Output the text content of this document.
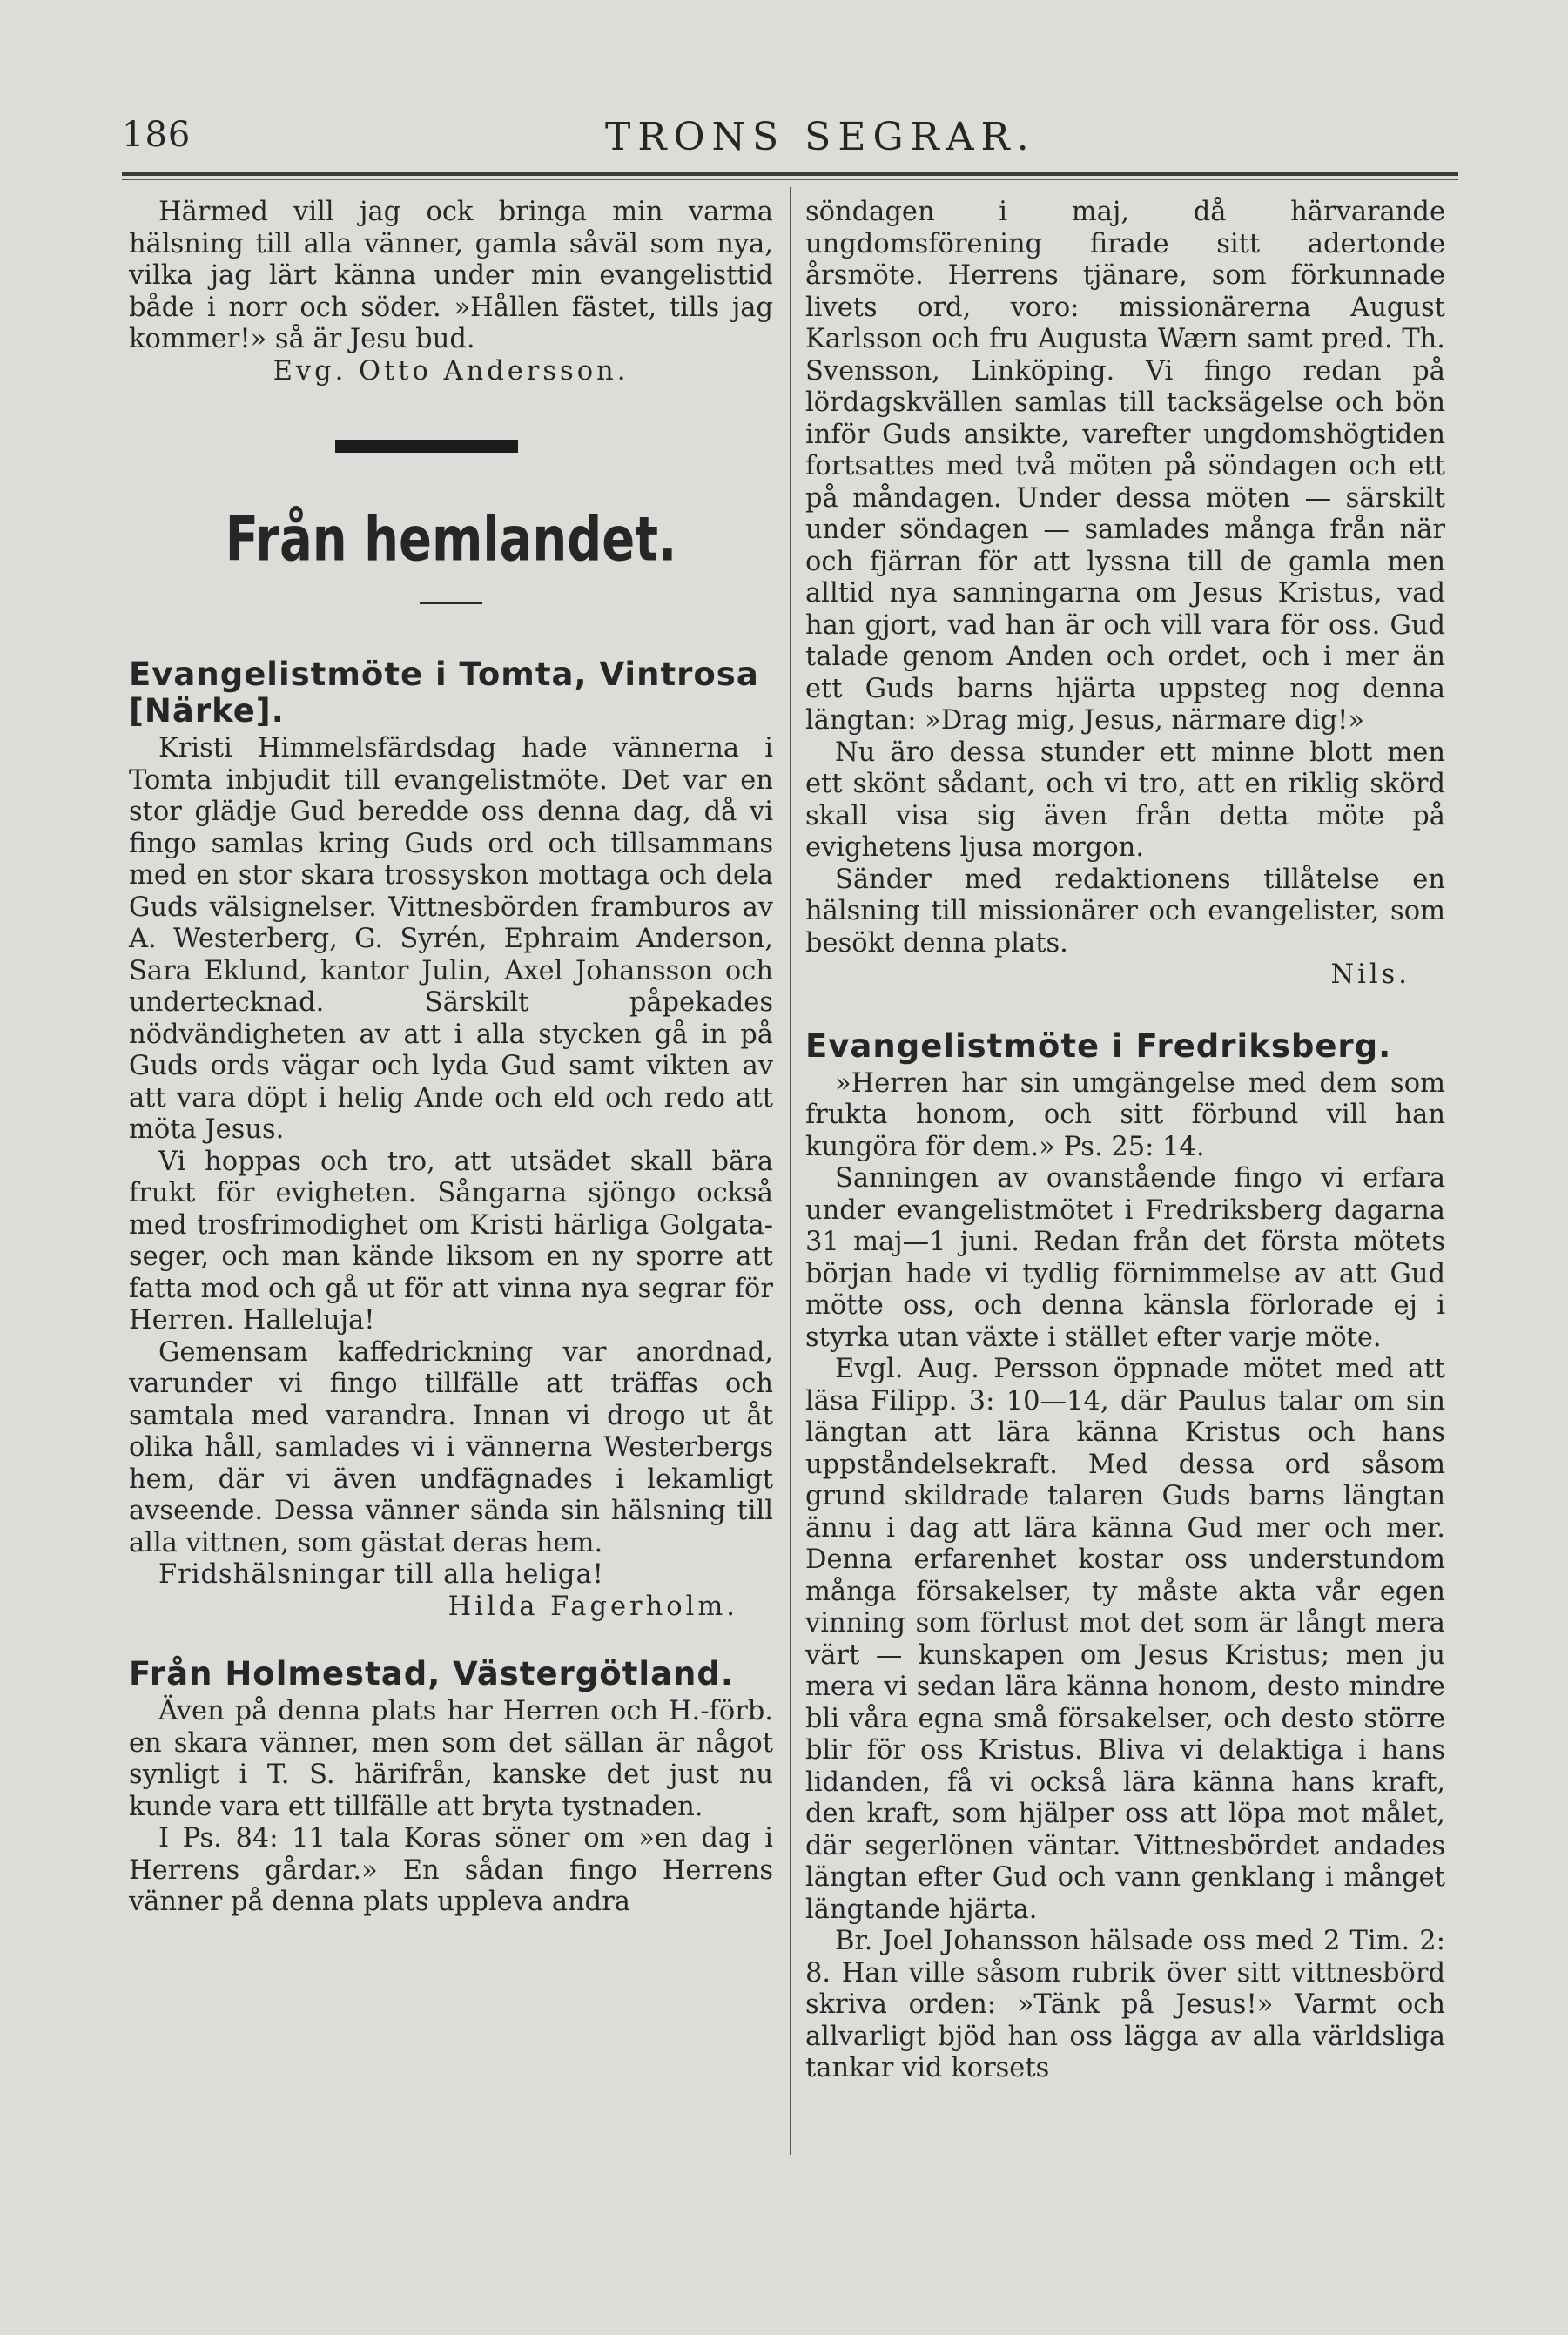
186	TRONS SEGRAR.

Härmed vill jag ock bringa min varma hälsning till alla vänner, gamla såväl som nya, vilka jag lärt känna under min evangelisttid både i norr och söder. »Hållen fästet, tills jag kommer!» så är Jesu bud.

Evg. Otto Andersson.
Från hemlandet.
Evangelistmöte i Tomta, Vintrosa [Närke].

Kristi Himmelsfärdsdag hade vännerna i Tomta inbjudit till evangelistmöte. Det var en stor glädje Gud beredde oss denna dag, då vi fingo samlas kring Guds ord och tillsammans med en stor skara trossyskon mottaga och dela Guds välsignelser. Vittnesbörden framburos av A. Westerberg, G. Syrén, Ephraim Anderson, Sara Eklund, kantor Julin, Axel Johansson och undertecknad. Särskilt påpekades nödvändigheten av att i alla stycken gå in på Guds ords vägar och lyda Gud samt vikten av att vara döpt i helig Ande och eld och redo att möta Jesus.

Vi hoppas och tro, att utsädet skall bära frukt för evigheten. Sångarna sjöngo också med trosfrimodighet om Kristi härliga Golgata-seger, och man kände liksom en ny sporre att fatta mod och gå ut för att vinna nya segrar för Herren. Halleluja!

Gemensam kaffedrickning var anordnad, varunder vi fingo tillfälle att träffas och samtala med varandra. Innan vi drogo ut åt olika håll, samlades vi i vännerna Westerbergs hem, där vi även undfägnades i lekamligt avseende. Dessa vänner sända sin hälsning till alla vittnen, som gästat deras hem.

Fridshälsningar till alla heliga!
Hilda Fagerholm.
Från Holmestad, Västergötland.

Även på denna plats har Herren och H.-förb. en skara vänner, men som det sällan är något synligt i T. S. härifrån, kanske det just nu kunde vara ett tillfälle att bryta tystnaden.

I Ps. 84: 11 tala Koras söner om »en dag i Herrens gårdar.» En sådan fingo Herrens vänner på denna plats uppleva andra

söndagen i maj, då härvarande ungdomsförening firade sitt adertonde årsmöte. Herrens tjänare, som förkunnade livets ord, voro: missionärerna August Karlsson och fru Augusta Wærn samt pred. Th. Svensson, Linköping. Vi fingo redan på lördagskvällen samlas till tacksägelse och bön inför Guds ansikte, varefter ungdomshögtiden fortsattes med två möten på söndagen och ett på måndagen. Under dessa möten — särskilt under söndagen — samlades många från när och fjärran för att lyssna till de gamla men alltid nya sanningarna om Jesus Kristus, vad han gjort, vad han är och vill vara för oss. Gud talade genom Anden och ordet, och i mer än ett Guds barns hjärta uppsteg nog denna längtan: »Drag mig, Jesus, närmare dig!»

Nu äro dessa stunder ett minne blott men ett skönt sådant, och vi tro, att en riklig skörd skall visa sig även från detta möte på evighetens ljusa morgon.

Sänder med redaktionens tillåtelse en hälsning till missionärer och evangelister, som besökt denna plats.

Nils.
Evangelistmöte i Fredriksberg.

»Herren har sin umgängelse med dem som frukta honom, och sitt förbund vill han kungöra för dem.» Ps. 25: 14.

Sanningen av ovanstående fingo vi erfara under evangelistmötet i Fredriksberg dagarna 31 maj—1 juni. Redan från det första mötets början hade vi tydlig förnimmelse av att Gud mötte oss, och denna känsla förlorade ej i styrka utan växte i stället efter varje möte.

Evgl. Aug. Persson öppnade mötet med att läsa Filipp. 3: 10—14, där Paulus talar om sin längtan att lära känna Kristus och hans uppståndelsekraft. Med dessa ord såsom grund skildrade talaren Guds barns längtan ännu i dag att lära känna Gud mer och mer. Denna erfarenhet kostar oss understundom många försakelser, ty måste akta vår egen vinning som förlust mot det som är långt mera värt — kunskapen om Jesus Kristus; men ju mera vi sedan lära känna honom, desto mindre bli våra egna små försakelser, och desto större blir för oss Kristus. Bliva vi delaktiga i hans lidanden, få vi också lära känna hans kraft, den kraft, som hjälper oss att löpa mot målet, där segerlönen väntar. Vittnesbördet andades längtan efter Gud och vann genklang i månget längtande hjärta.

Br. Joel Johansson hälsade oss med 2 Tim. 2: 8. Han ville såsom rubrik över sitt vittnesbörd skriva orden: »Tänk på Jesus!» Varmt och allvarligt bjöd han oss lägga av alla världsliga tankar vid korsets
